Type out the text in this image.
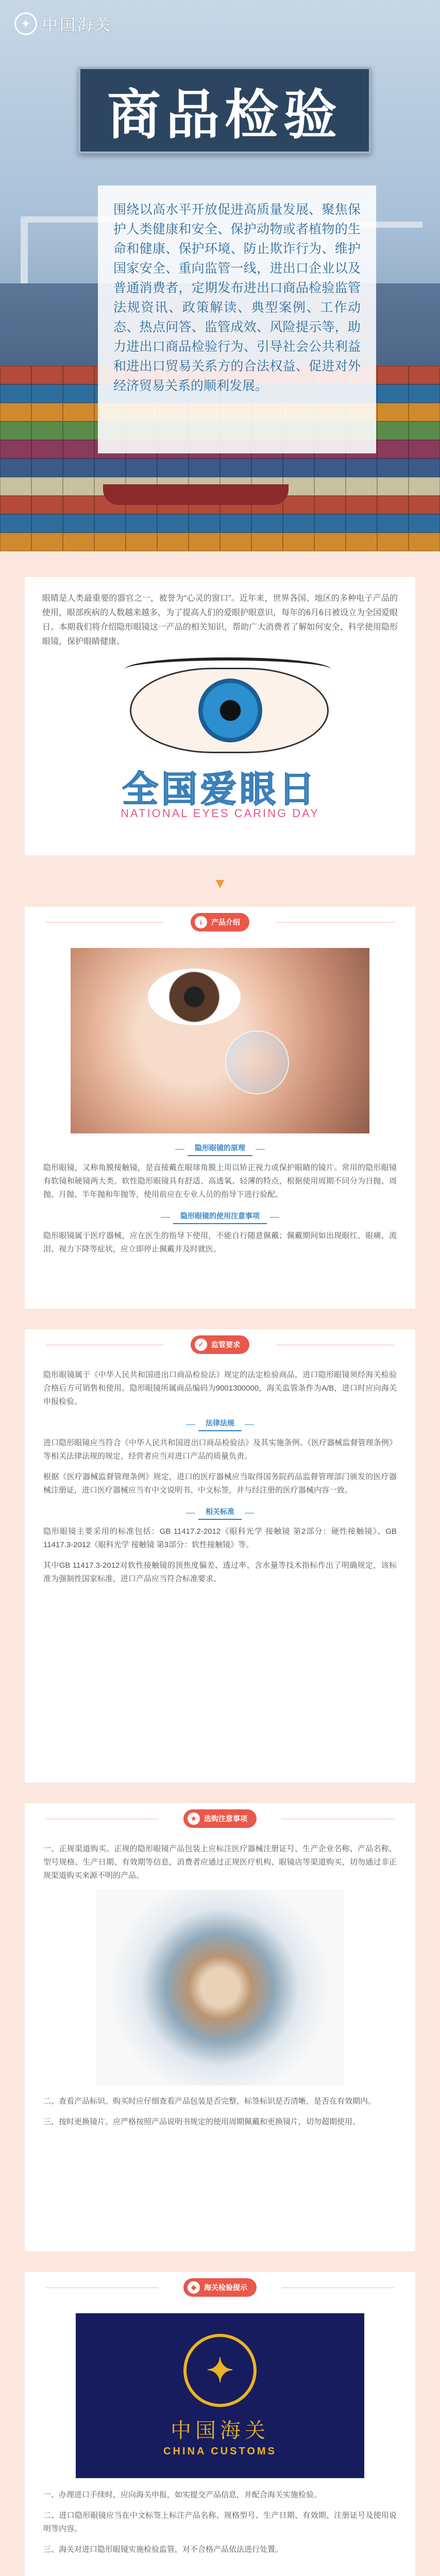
✦ 中国海关
商品检验

围绕以高水平开放促进高质量发展、聚焦保护人类健康和安全、保护动物或者植物的生命和健康、保护环境、防止欺诈行为、维护国家安全、重向监管一线，进出口企业以及普通消费者，定期发布进出口商品检验监管法规资讯、政策解读、典型案例、工作动态、热点问答、监管成效、风险提示等，助力进出口商品检验行为、引导社会公共利益和进出口贸易关系方的合法权益、促进对外经济贸易关系的顺利发展。

眼睛是人类最重要的器官之一，被誉为“心灵的窗口”。近年来，世界各国、地区的多种电子产品的使用，眼部疾病的人数越来越多，为了提高人们的爱眼护眼意识，每年的6月6日被设立为全国爱眼日。本期我们将介绍隐形眼镜这一产品的相关知识，帮助广大消费者了解如何安全、科学使用隐形眼镜，保护眼睛健康。

全国爱眼日
NATIONAL EYES CARING DAY
▼
i	产品介绍
隐形眼镜的原理

隐形眼镜，又称角膜接触镜，是直接戴在眼球角膜上用以矫正视力或保护眼睛的镜片。常用的隐形眼镜有软镜和硬镜两大类。软性隐形眼镜具有舒适、高透氧、轻薄的特点，根据使用周期不同分为日抛、周抛、月抛、半年抛和年抛等，使用前应在专业人员的指导下进行验配。

隐形眼镜的使用注意事项

隐形眼镜属于医疗器械，应在医生的指导下使用，不能自行随意佩戴；佩戴期间如出现眼红、眼痛、流泪、视力下降等症状，应立即停止佩戴并及时就医。

✓	监管要求

隐形眼镜属于《中华人民共和国进出口商品检验法》规定的法定检验商品，进口隐形眼镜须经海关检验合格后方可销售和使用。隐形眼镜所属商品编码为9001300000，海关监管条件为A/B，进口时应向海关申报检验。

法律法规

进口隐形眼镜应当符合《中华人民共和国进出口商品检验法》及其实施条例、《医疗器械监督管理条例》等相关法律法规的规定，经营者应当对进口产品的质量负责。

根据《医疗器械监督管理条例》规定，进口的医疗器械应当取得国务院药品监督管理部门颁发的医疗器械注册证，进口医疗器械应当有中文说明书、中文标签，并与经注册的医疗器械内容一致。

相关标准

隐形眼镜主要采用的标准包括：GB 11417.2-2012《眼科光学 接触镜 第2部分：硬性接触镜》、GB 11417.3-2012《眼科光学 接触镜 第3部分：软性接触镜》等。

其中GB 11417.3-2012对软性接触镜的顶焦度偏差、透过率、含水量等技术指标作出了明确规定，该标准为强制性国家标准，进口产品应当符合标准要求。

★	选购注意事项

一、正规渠道购买。正规的隐形眼镜产品包装上应标注医疗器械注册证号、生产企业名称、产品名称、型号规格、生产日期、有效期等信息，消费者应通过正规医疗机构、眼镜店等渠道购买，切勿通过非正规渠道购买来源不明的产品。

二、查看产品标识。购买时应仔细查看产品包装是否完整，标签标识是否清晰，是否在有效期内。

三、按时更换镜片。应严格按照产品说明书规定的使用周期佩戴和更换镜片，切勿超期使用。

◆	海关检验提示
✦
中国海关
CHINA CUSTOMS

一、办理进口手续时，应向海关申报，如实提交产品信息，并配合海关实施检验。

二、进口隐形眼镜应当在中文标签上标注产品名称、规格型号、生产日期、有效期、注册证号及使用说明等内容。

三、海关对进口隐形眼镜实施检验监管，对不合格产品依法进行处置。
